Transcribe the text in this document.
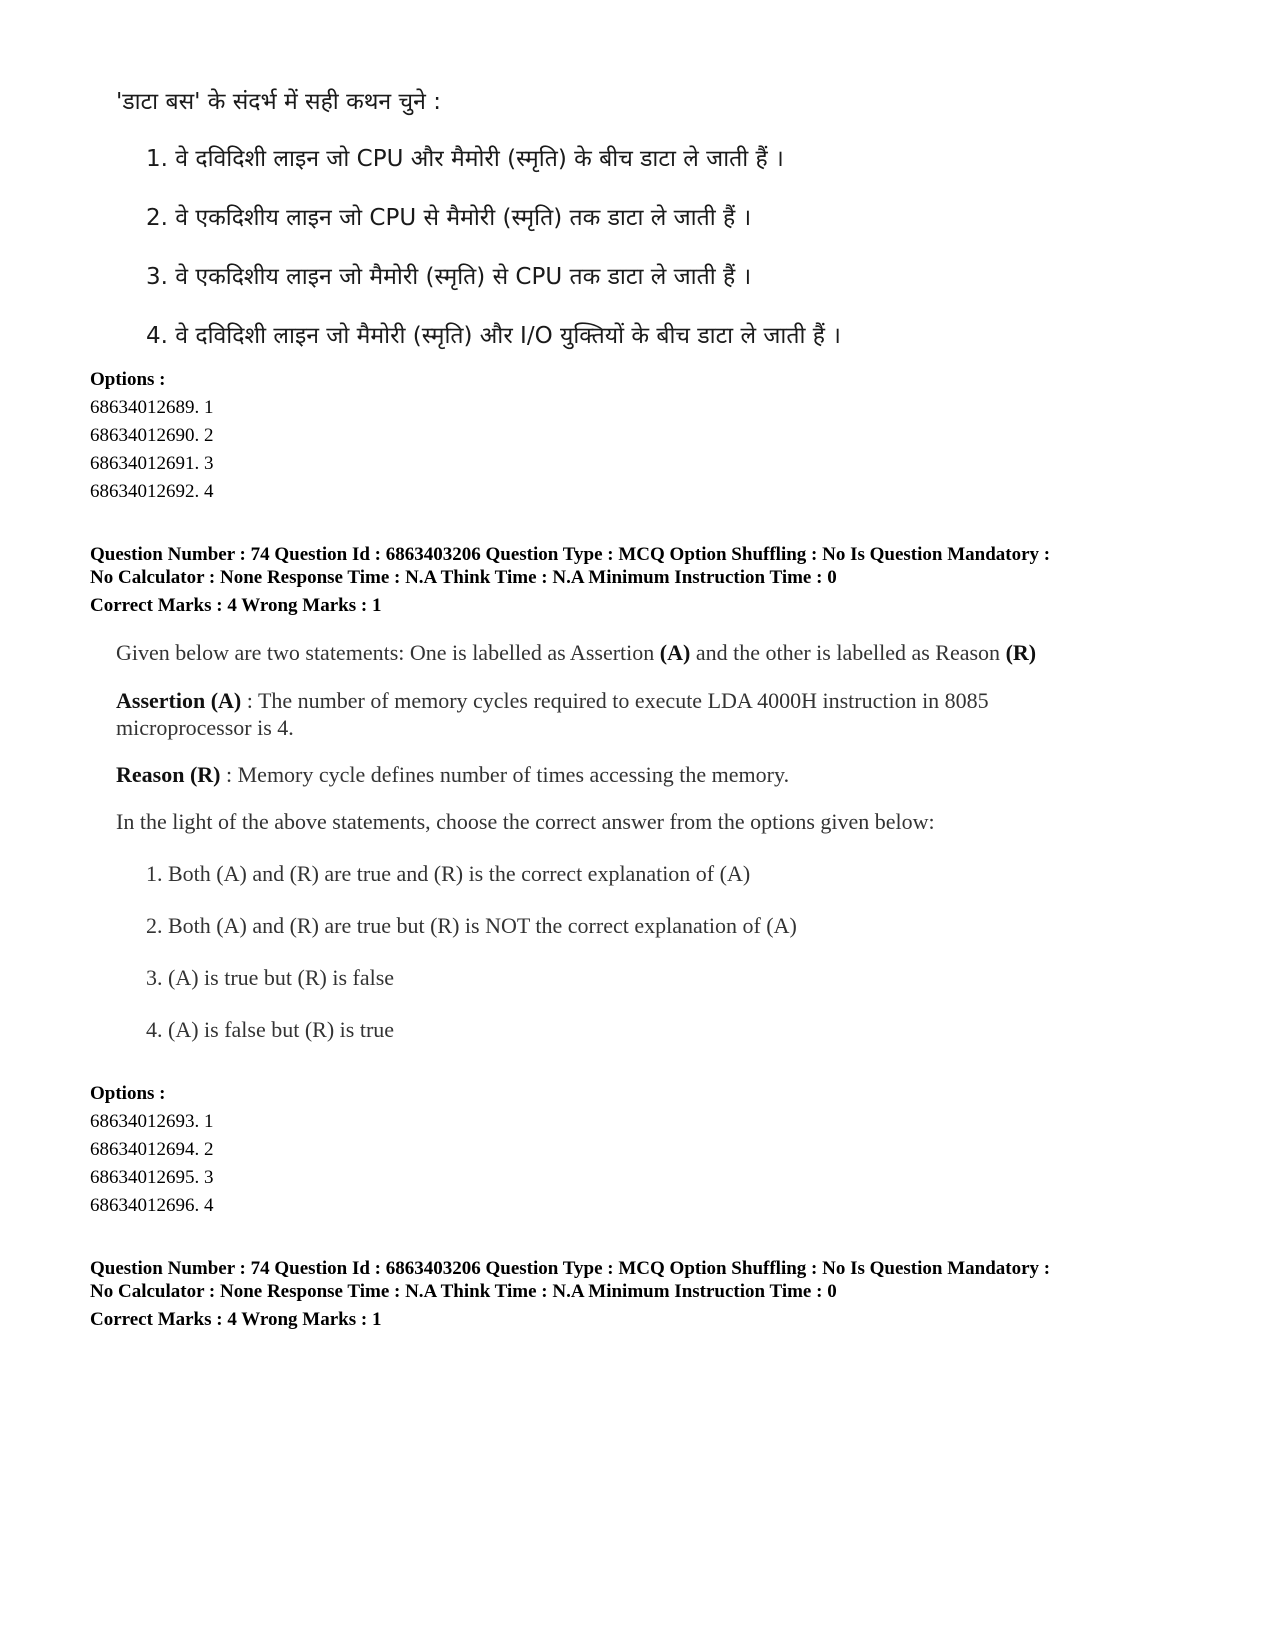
'डाटा बस' के संदर्भ में सही कथन चुने :

1. वे दविदिशी लाइन जो CPU और मैमोरी (स्मृति) के बीच डाटा ले जाती हैं ।

2. वे एकदिशीय लाइन जो CPU से मैमोरी (स्मृति) तक डाटा ले जाती हैं ।

3. वे एकदिशीय लाइन जो मैमोरी (स्मृति) से CPU तक डाटा ले जाती हैं ।

4. वे दविदिशी लाइन जो मैमोरी (स्मृति) और I/O युक्तियों के बीच डाटा ले जाती हैं ।

Options :
68634012689. 1
68634012690. 2
68634012691. 3
68634012692. 4
Question Number : 74 Question Id : 6863403206 Question Type : MCQ Option Shuffling : No Is Question Mandatory :
No Calculator : None Response Time : N.A Think Time : N.A Minimum Instruction Time : 0
Correct Marks : 4 Wrong Marks : 1

Given below are two statements: One is labelled as Assertion (A) and the other is labelled as Reason (R)

Assertion (A) : The number of memory cycles required to execute LDA 4000H instruction in 8085 microprocessor is 4.

Reason (R) : Memory cycle defines number of times accessing the memory.

In the light of the above statements, choose the correct answer from the options given below:

1. Both (A) and (R) are true and (R) is the correct explanation of (A)

2. Both (A) and (R) are true but (R) is NOT the correct explanation of (A)

3. (A) is true but (R) is false

4. (A) is false but (R) is true

Options :
68634012693. 1
68634012694. 2
68634012695. 3
68634012696. 4
Question Number : 74 Question Id : 6863403206 Question Type : MCQ Option Shuffling : No Is Question Mandatory :
No Calculator : None Response Time : N.A Think Time : N.A Minimum Instruction Time : 0
Correct Marks : 4 Wrong Marks : 1
